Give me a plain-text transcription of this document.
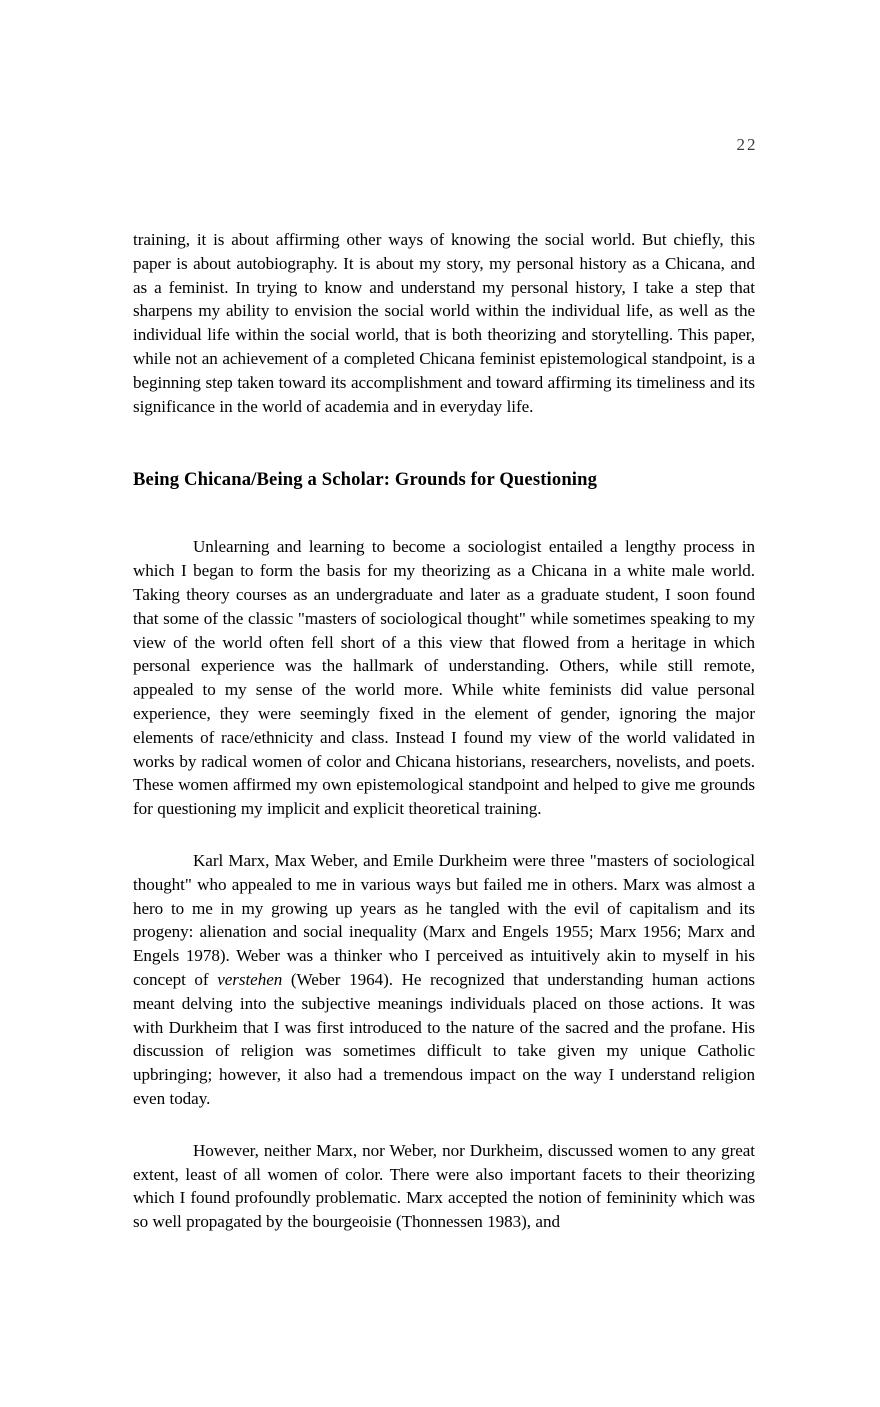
22

training, it is about affirming other ways of knowing the social world. But chiefly, this paper is about autobiography. It is about my story, my personal history as a Chicana, and as a feminist. In trying to know and understand my personal history, I take a step that sharpens my ability to envision the social world within the individual life, as well as the individual life within the social world, that is both theorizing and storytelling. This paper, while not an achievement of a completed Chicana feminist epistemological standpoint, is a beginning step taken toward its accomplishment and toward affirming its timeliness and its significance in the world of academia and in everyday life.

Being Chicana/Being a Scholar: Grounds for Questioning

Unlearning and learning to become a sociologist entailed a lengthy process in which I began to form the basis for my theorizing as a Chicana in a white male world. Taking theory courses as an undergraduate and later as a graduate student, I soon found that some of the classic "masters of sociological thought" while sometimes speaking to my view of the world often fell short of a this view that flowed from a heritage in which personal experience was the hallmark of understanding. Others, while still remote, appealed to my sense of the world more. While white feminists did value personal experience, they were seemingly fixed in the element of gender, ignoring the major elements of race/ethnicity and class. Instead I found my view of the world validated in works by radical women of color and Chicana historians, researchers, novelists, and poets. These women affirmed my own epistemological standpoint and helped to give me grounds for questioning my implicit and explicit theoretical training.

Karl Marx, Max Weber, and Emile Durkheim were three "masters of sociological thought" who appealed to me in various ways but failed me in others. Marx was almost a hero to me in my growing up years as he tangled with the evil of capitalism and its progeny: alienation and social inequality (Marx and Engels 1955; Marx 1956; Marx and Engels 1978). Weber was a thinker who I perceived as intuitively akin to myself in his concept of verstehen (Weber 1964). He recognized that understanding human actions meant delving into the subjective meanings individuals placed on those actions. It was with Durkheim that I was first introduced to the nature of the sacred and the profane. His discussion of religion was sometimes difficult to take given my unique Catholic upbringing; however, it also had a tremendous impact on the way I understand religion even today.

However, neither Marx, nor Weber, nor Durkheim, discussed women to any great extent, least of all women of color. There were also important facets to their theorizing which I found profoundly problematic. Marx accepted the notion of femininity which was so well propagated by the bourgeoisie (Thonnessen 1983), and
